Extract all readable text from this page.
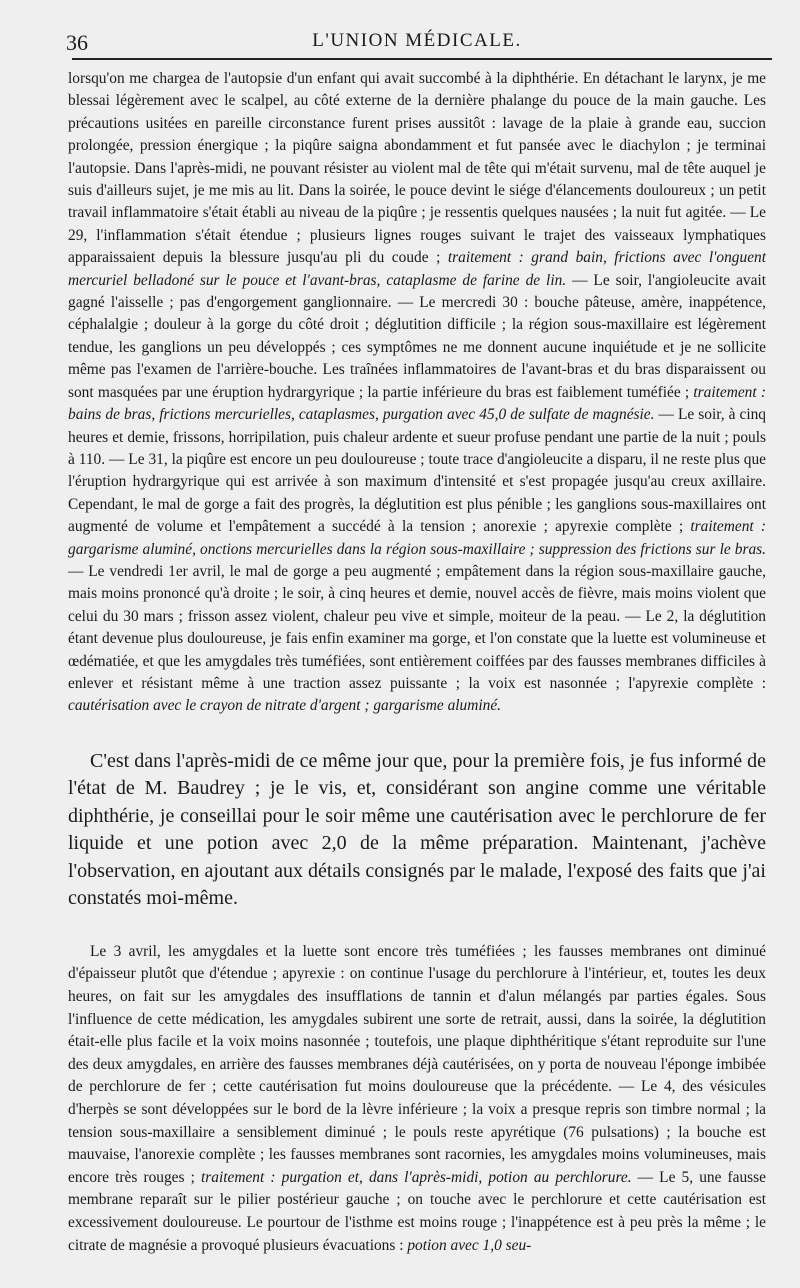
36	L'UNION MÉDICALE.

lorsqu'on me chargea de l'autopsie d'un enfant qui avait succombé à la diphthérie. En détachant le larynx, je me blessai légèrement avec le scalpel, au côté externe de la dernière phalange du pouce de la main gauche. Les précautions usitées en pareille circonstance furent prises aussitôt : lavage de la plaie à grande eau, succion prolongée, pression énergique ; la piqûre saigna abondamment et fut pansée avec le diachylon ; je terminai l'autopsie. Dans l'après-midi, ne pouvant résister au violent mal de tête qui m'était survenu, mal de tête auquel je suis d'ailleurs sujet, je me mis au lit. Dans la soirée, le pouce devint le siége d'élancements douloureux ; un petit travail inflammatoire s'était établi au niveau de la piqûre ; je ressentis quelques nausées ; la nuit fut agitée. — Le 29, l'inflammation s'était étendue ; plusieurs lignes rouges suivant le trajet des vaisseaux lymphatiques apparaissaient depuis la blessure jusqu'au pli du coude ; traitement : grand bain, frictions avec l'onguent mercuriel belladoné sur le pouce et l'avant-bras, cataplasme de farine de lin. — Le soir, l'angioleucite avait gagné l'aisselle ; pas d'engorgement ganglionnaire. — Le mercredi 30 : bouche pâteuse, amère, inappétence, céphalalgie ; douleur à la gorge du côté droit ; déglutition difficile ; la région sous-maxillaire est légèrement tendue, les ganglions un peu développés ; ces symptômes ne me donnent aucune inquiétude et je ne sollicite même pas l'examen de l'arrière-bouche. Les traînées inflammatoires de l'avant-bras et du bras disparaissent ou sont masquées par une éruption hydrargyrique ; la partie inférieure du bras est faiblement tuméfiée ; traitement : bains de bras, frictions mercurielles, cataplasmes, purgation avec 45,0 de sulfate de magnésie. — Le soir, à cinq heures et demie, frissons, horripilation, puis chaleur ardente et sueur profuse pendant une partie de la nuit ; pouls à 110. — Le 31, la piqûre est encore un peu douloureuse ; toute trace d'angioleucite a disparu, il ne reste plus que l'éruption hydrargyrique qui est arrivée à son maximum d'intensité et s'est propagée jusqu'au creux axillaire. Cependant, le mal de gorge a fait des progrès, la déglutition est plus pénible ; les ganglions sous-maxillaires ont augmenté de volume et l'empâtement a succédé à la tension ; anorexie ; apyrexie complète ; traitement : gargarisme aluminé, onctions mercurielles dans la région sous-maxillaire ; suppression des frictions sur le bras. — Le vendredi 1er avril, le mal de gorge a peu augmenté ; empâtement dans la région sous-maxillaire gauche, mais moins prononcé qu'à droite ; le soir, à cinq heures et demie, nouvel accès de fièvre, mais moins violent que celui du 30 mars ; frisson assez violent, chaleur peu vive et simple, moiteur de la peau. — Le 2, la déglutition étant devenue plus douloureuse, je fais enfin examiner ma gorge, et l'on constate que la luette est volumineuse et œdématiée, et que les amygdales très tuméfiées, sont entièrement coiffées par des fausses membranes difficiles à enlever et résistant même à une traction assez puissante ; la voix est nasonnée ; l'apyrexie complète : cautérisation avec le crayon de nitrate d'argent ; gargarisme aluminé.

C'est dans l'après-midi de ce même jour que, pour la première fois, je fus informé de l'état de M. Baudrey ; je le vis, et, considérant son angine comme une véritable diphthérie, je conseillai pour le soir même une cautérisation avec le perchlorure de fer liquide et une potion avec 2,0 de la même préparation. Maintenant, j'achève l'observation, en ajoutant aux détails consignés par le malade, l'exposé des faits que j'ai constatés moi-même.

Le 3 avril, les amygdales et la luette sont encore très tuméfiées ; les fausses membranes ont diminué d'épaisseur plutôt que d'étendue ; apyrexie : on continue l'usage du perchlorure à l'intérieur, et, toutes les deux heures, on fait sur les amygdales des insufflations de tannin et d'alun mélangés par parties égales. Sous l'influence de cette médication, les amygdales subirent une sorte de retrait, aussi, dans la soirée, la déglutition était-elle plus facile et la voix moins nasonnée ; toutefois, une plaque diphthéritique s'étant reproduite sur l'une des deux amygdales, en arrière des fausses membranes déjà cautérisées, on y porta de nouveau l'éponge imbibée de perchlorure de fer ; cette cautérisation fut moins douloureuse que la précédente. — Le 4, des vésicules d'herpès se sont développées sur le bord de la lèvre inférieure ; la voix a presque repris son timbre normal ; la tension sous-maxillaire a sensiblement diminué ; le pouls reste apyrétique (76 pulsations) ; la bouche est mauvaise, l'anorexie complète ; les fausses membranes sont racornies, les amygdales moins volumineuses, mais encore très rouges ; traitement : purgation et, dans l'après-midi, potion au perchlorure. — Le 5, une fausse membrane reparaît sur le pilier postérieur gauche ; on touche avec le perchlorure et cette cautérisation est excessivement douloureuse. Le pourtour de l'isthme est moins rouge ; l'inappétence est à peu près la même ; le citrate de magnésie a provoqué plusieurs évacuations : potion avec 1,0 seu-
